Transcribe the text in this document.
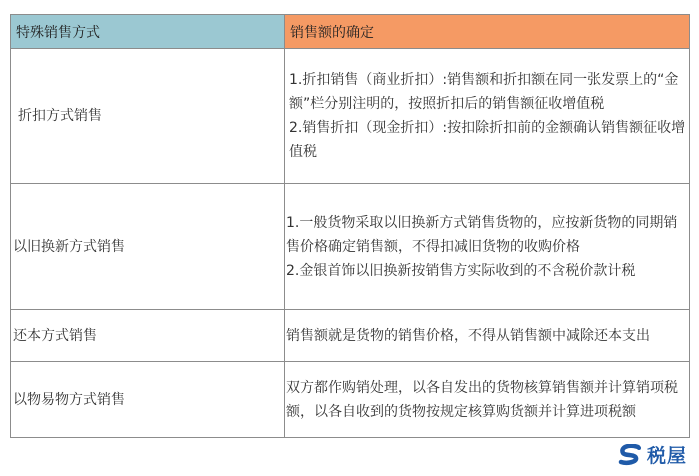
特殊销售方式	销售额的确定
折扣方式销售	1.折扣销售（商业折扣）:销售额和折扣额在同一张发票上的“金额”栏分别注明的，按照折扣后的销售额征收增值税
2.销售折扣（现金折扣）:按扣除折扣前的金额确认销售额征收增值税

以旧换新方式销售	1.一般货物采取以旧换新方式销售货物的，应按新货物的同期销售价格确定销售额，不得扣减旧货物的收购价格
2.金银首饰以旧换新按销售方实际收到的不含税价款计税

还本方式销售	销售额就是货物的销售价格，不得从销售额中减除还本支出

以物易物方式销售	双方都作购销处理，以各自发出的货物核算销售额并计算销项税额，以各自收到的货物按规定核算购货额并计算进项税额
税屋
